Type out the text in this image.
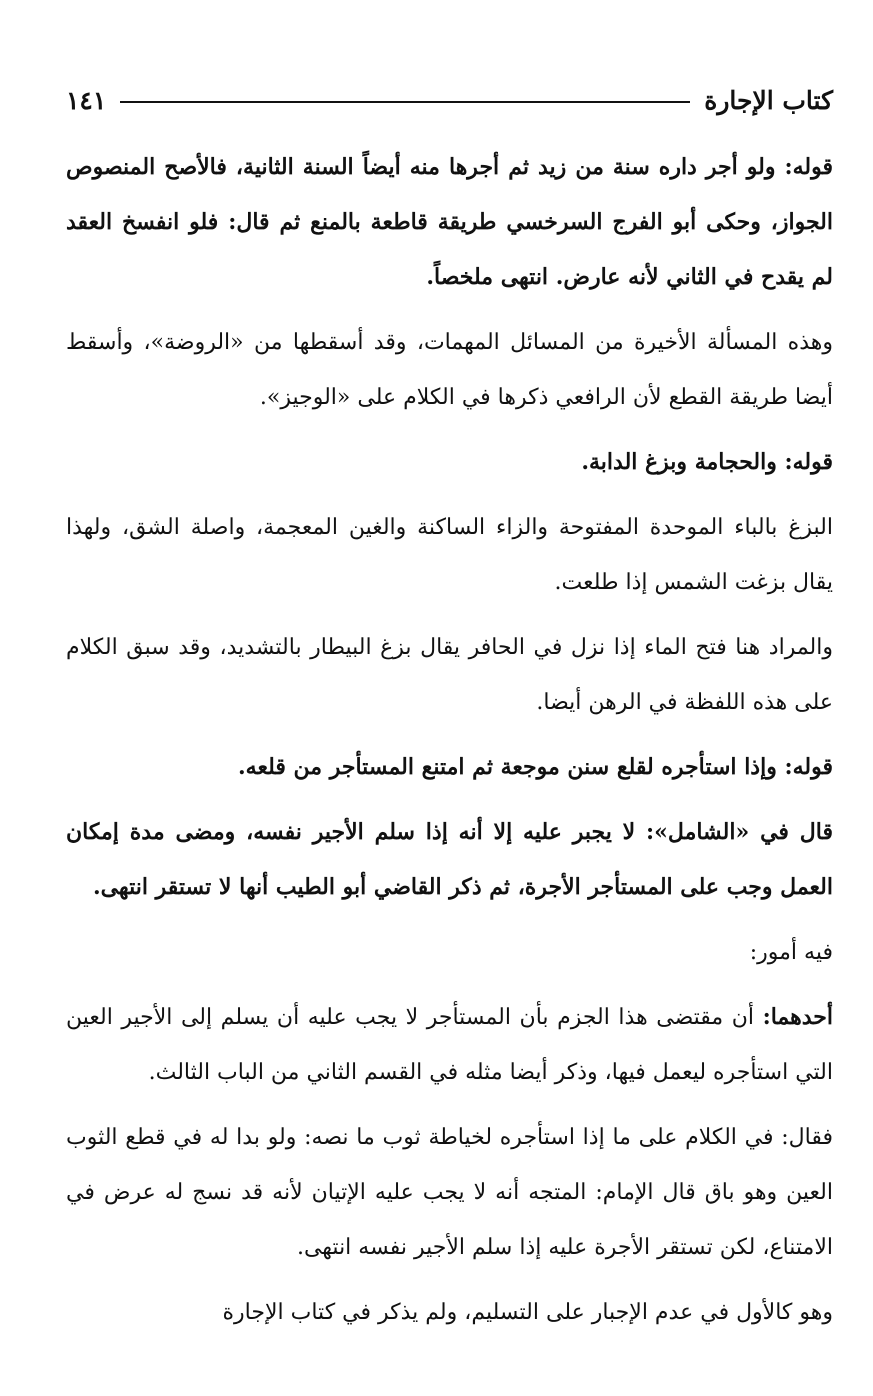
كتاب الإجارة
١٤١

قوله: ولو أجر داره سنة من زيد ثم أجرها منه أيضاً السنة الثانية، فالأصح المنصوص الجواز، وحكى أبو الفرج السرخسي طريقة قاطعة بالمنع ثم قال: فلو انفسخ العقد لم يقدح في الثاني لأنه عارض. انتهى ملخصاً.

وهذه المسألة الأخيرة من المسائل المهمات، وقد أسقطها من «الروضة»، وأسقط أيضا طريقة القطع لأن الرافعي ذكرها في الكلام على «الوجيز».

قوله: والحجامة وبزغ الدابة.

البزغ بالباء الموحدة المفتوحة والزاء الساكنة والغين المعجمة، واصلة الشق، ولهذا يقال بزغت الشمس إذا طلعت.

والمراد هنا فتح الماء إذا نزل في الحافر يقال بزغ البيطار بالتشديد، وقد سبق الكلام على هذه اللفظة في الرهن أيضا.

قوله: وإذا استأجره لقلع سنن موجعة ثم امتنع المستأجر من قلعه.

قال في «الشامل»: لا يجبر عليه إلا أنه إذا سلم الأجير نفسه، ومضى مدة إمكان العمل وجب على المستأجر الأجرة، ثم ذكر القاضي أبو الطيب أنها لا تستقر انتهى.

فيه أمور:

أحدهما: أن مقتضى هذا الجزم بأن المستأجر لا يجب عليه أن يسلم إلى الأجير العين التي استأجره ليعمل فيها، وذكر أيضا مثله في القسم الثاني من الباب الثالث.

فقال: في الكلام على ما إذا استأجره لخياطة ثوب ما نصه: ولو بدا له في قطع الثوب العين وهو باق قال الإمام: المتجه أنه لا يجب عليه الإتيان لأنه قد نسج له عرض في الامتناع، لكن تستقر الأجرة عليه إذا سلم الأجير نفسه انتهى.

وهو كالأول في عدم الإجبار على التسليم، ولم يذكر في كتاب الإجارة
